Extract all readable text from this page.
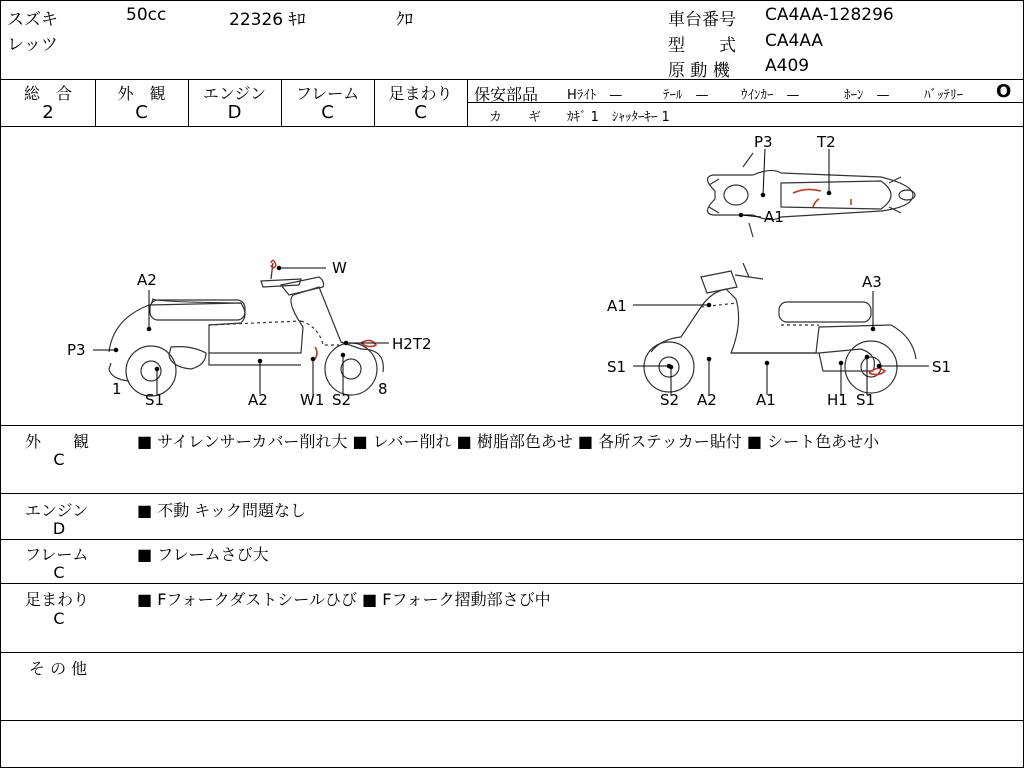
スズキ	50cc	22326 ｷﾛ	ｸﾛ
レッツ
車台番号 CA4AA-128296
型　　式 CA4AA
原 動 機 A409
総　合
2
外　観
C
エンジン
D
フレーム
C
足まわり
C
保安部品 Hﾗｲﾄ　—	ﾃｰﾙ　— ｳｲﾝｶｰ　—	ﾎｰﾝ　—	ﾊﾞｯﾃﾘｰ O
カ　　ギ ｶｷﾞ 1　ｼｬｯﾀｰｷｰ 1
A2
P3
W
H2T2
1
S1	A2 W1 S2
8
P3	T2
A1
A1
A3
S1	S1
S2 A2	A1	H1 S1
外　　観
C
■ サイレンサーカバー削れ大 ■ レバー削れ ■ 樹脂部色あせ ■ 各所ステッカー貼付 ■ シート色あせ小
エンジン
D
■ 不動 キック問題なし
フレーム
C
■ フレームさび大
足まわり
C
■ Fフォークダストシールひび ■ Fフォーク摺動部さび中
そ の 他
